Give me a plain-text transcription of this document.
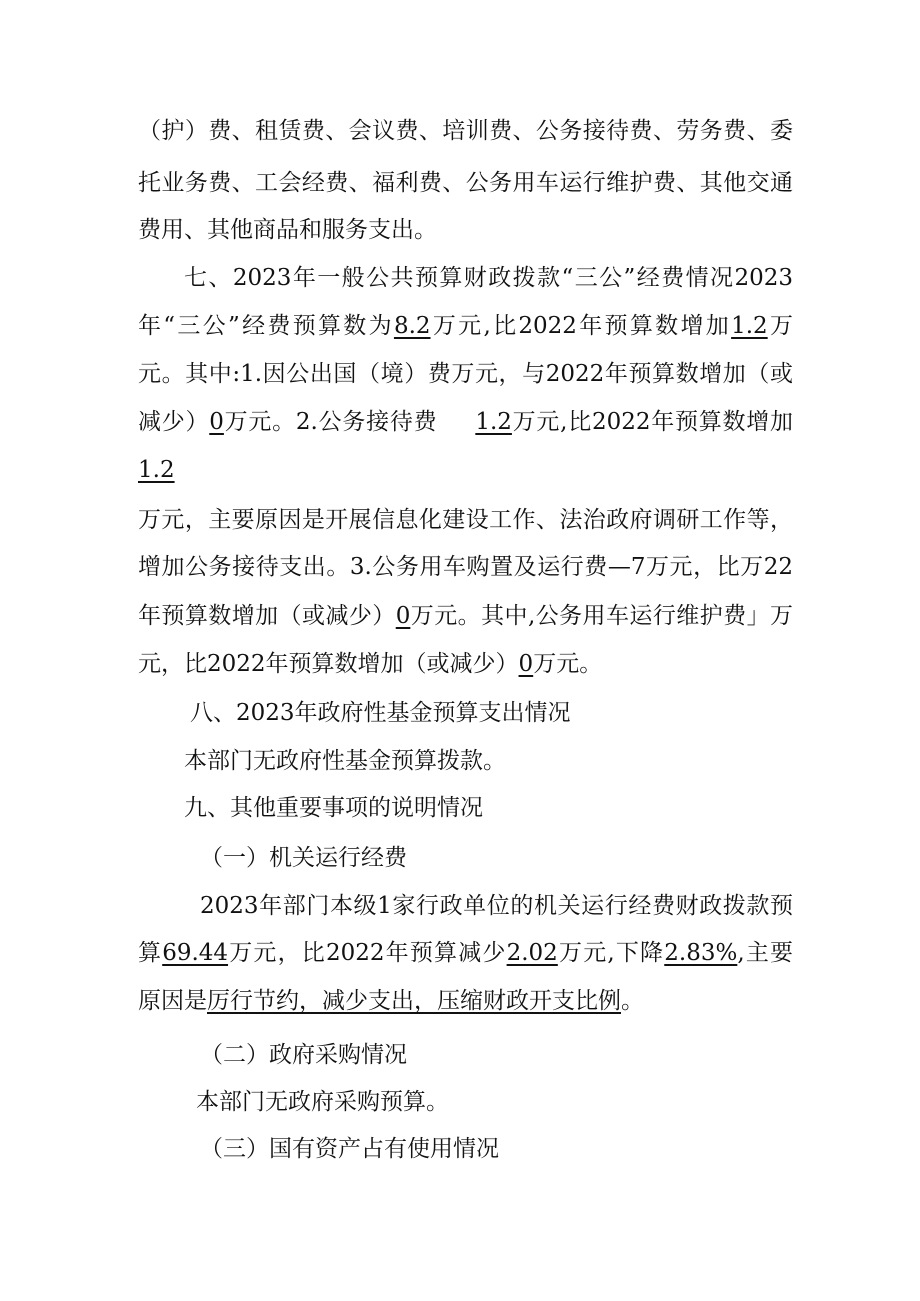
（护）费、租赁费、会议费、培训费、公务接待费、劳务费、委
托业务费、工会经费、福利费、公务用车运行维护费、其他交通
费用、其他商品和服务支出。
七、2023年一般公共预算财政拨款“三公”经费情况2023
年“三公”经费预算数为8.2万元,比2022年预算数增加1.2万
元。其中:1.因公出国（境）费万元，与2022年预算数增加（或
减少）0万元。2.公务接待费 1.2万元,比2022年预算数增加
1.2
万元，主要原因是开展信息化建设工作、法治政府调研工作等，
增加公务接待支出。3.公务用车购置及运行费—7万元，比万22
年预算数增加（或减少）0万元。其中,公务用车运行维护费」万
元，比2022年预算数增加（或减少）0万元。
八、2023年政府性基金预算支出情况
本部门无政府性基金预算拨款。
九、其他重要事项的说明情况
（一）机关运行经费
2023年部门本级1家行政单位的机关运行经费财政拨款预
算69.44万元，比2022年预算减少2.02万元,下降2.83%,主要
原因是厉行节约，减少支出，压缩财政开支比例。
（二）政府采购情况
本部门无政府采购预算。
（三）国有资产占有使用情况
